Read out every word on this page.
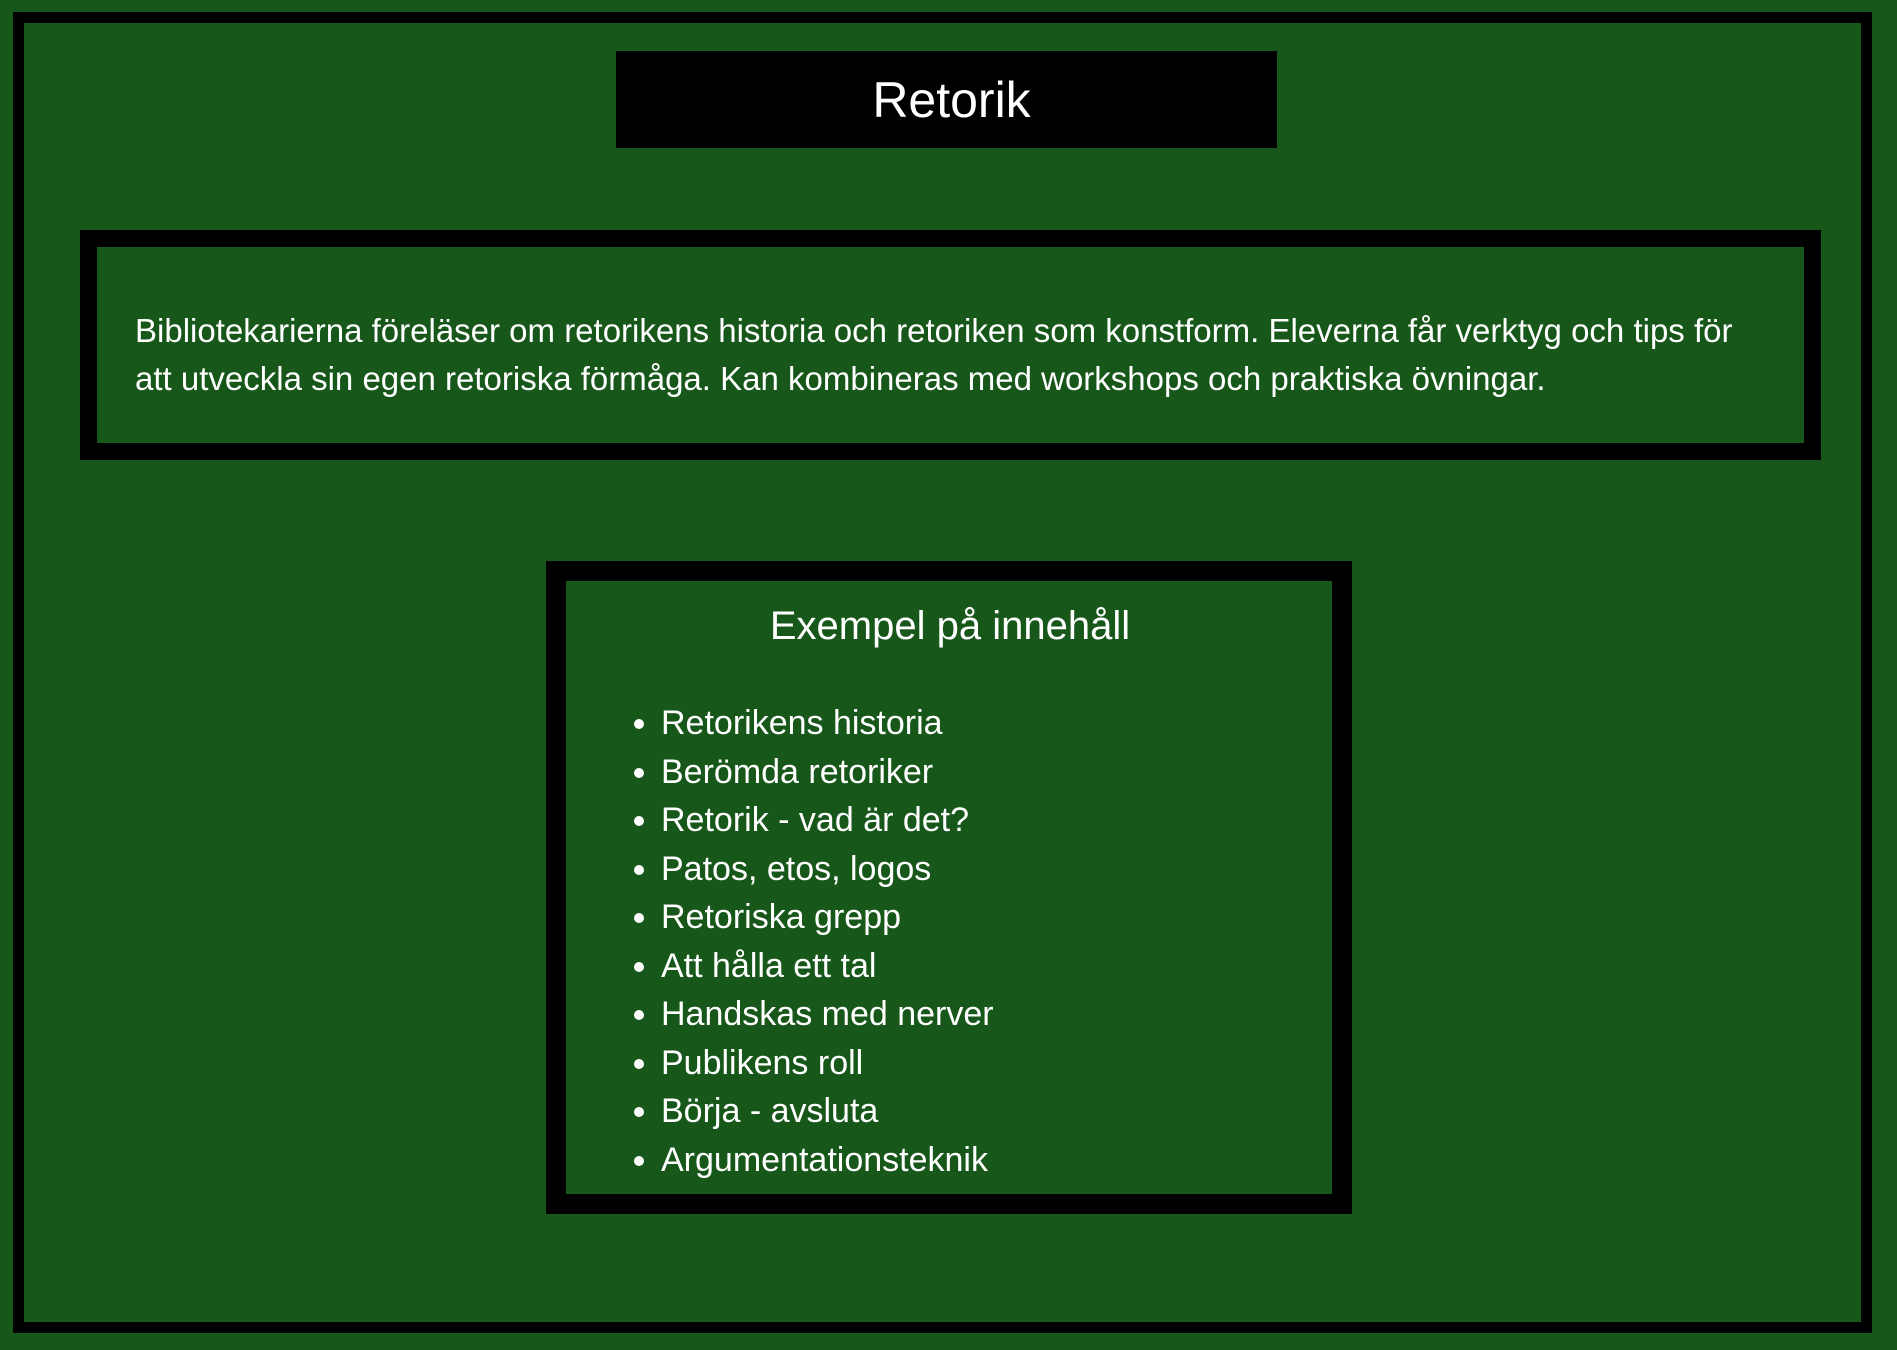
Retorik
Bibliotekarierna föreläser om retorikens historia och retoriken som konstform. Eleverna får verktyg och tips för att utveckla sin egen retoriska förmåga. Kan kombineras med workshops och praktiska övningar.
Exempel på innehåll
• Retorikens historia
• Berömda retoriker
• Retorik - vad är det?
• Patos, etos, logos
• Retoriska grepp
• Att hålla ett tal
• Handskas med nerver
• Publikens roll
• Börja - avsluta
• Argumentationsteknik
